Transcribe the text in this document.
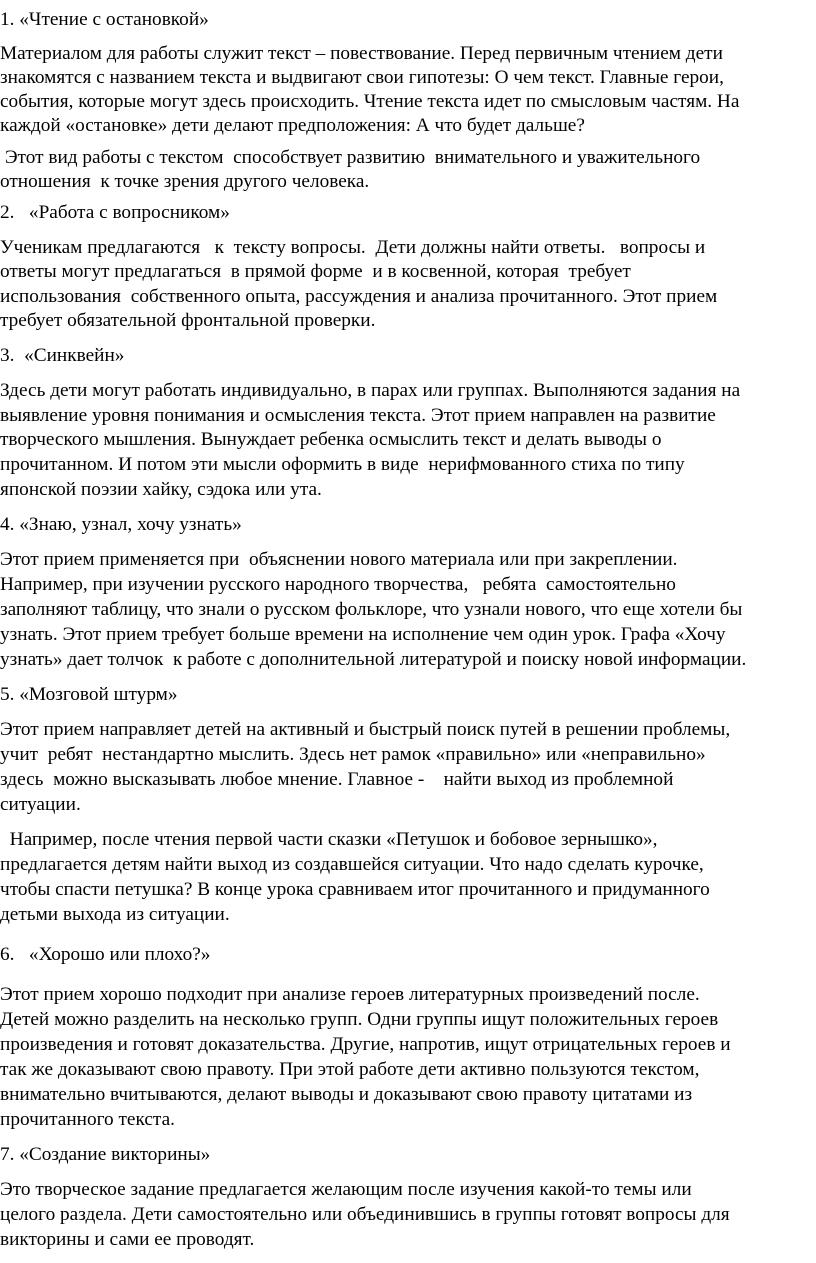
1. «Чтение с остановкой»
Материалом для работы служит текст – повествование. Перед первичным чтением дети
знакомятся с названием текста и выдвигают свои гипотезы: О чем текст. Главные герои,
события, которые могут здесь происходить. Чтение текста идет по смысловым частям. На
каждой «остановке» дети делают предположения: А что будет дальше?
Этот вид работы с текстом  способствует развитию  внимательного и уважительного
отношения  к точке зрения другого человека.
2.   «Работа с вопросником»
Ученикам предлагаются   к  тексту вопросы.  Дети должны найти ответы.   вопросы и
ответы могут предлагаться  в прямой форме  и в косвенной, которая  требует
использования  собственного опыта, рассуждения и анализа прочитанного. Этот прием
требует обязательной фронтальной проверки.
3.  «Синквейн»
Здесь дети могут работать индивидуально, в парах или группах. Выполняются задания на
выявление уровня понимания и осмысления текста. Этот прием направлен на развитие
творческого мышления. Вынуждает ребенка осмыслить текст и делать выводы о
прочитанном. И потом эти мысли оформить в виде  нерифмованного стиха по типу
японской поэзии хайку, сэдока или ута.
4. «Знаю, узнал, хочу узнать»
Этот прием применяется при  объяснении нового материала или при закреплении.
Например, при изучении русского народного творчества,   ребята  самостоятельно
заполняют таблицу, что знали о русском фольклоре, что узнали нового, что еще хотели бы
узнать. Этот прием требует больше времени на исполнение чем один урок. Графа «Хочу
узнать» дает толчок  к работе с дополнительной литературой и поиску новой информации.
5. «Мозговой штурм»
Этот прием направляет детей на активный и быстрый поиск путей в решении проблемы,
учит  ребят  нестандартно мыслить. Здесь нет рамок «правильно» или «неправильно»
здесь  можно высказывать любое мнение. Главное -    найти выход из проблемной
ситуации.
Например, после чтения первой части сказки «Петушок и бобовое зернышко»,
предлагается детям найти выход из создавшейся ситуации. Что надо сделать курочке,
чтобы спасти петушка? В конце урока сравниваем итог прочитанного и придуманного
детьми выхода из ситуации.
6.   «Хорошо или плохо?»
Этот прием хорошо подходит при анализе героев литературных произведений после.
Детей можно разделить на несколько групп. Одни группы ищут положительных героев
произведения и готовят доказательства. Другие, напротив, ищут отрицательных героев и
так же доказывают свою правоту. При этой работе дети активно пользуются текстом,
внимательно вчитываются, делают выводы и доказывают свою правоту цитатами из
прочитанного текста.
7. «Создание викторины»
Это творческое задание предлагается желающим после изучения какой-то темы или
целого раздела. Дети самостоятельно или объединившись в группы готовят вопросы для
викторины и сами ее проводят.
